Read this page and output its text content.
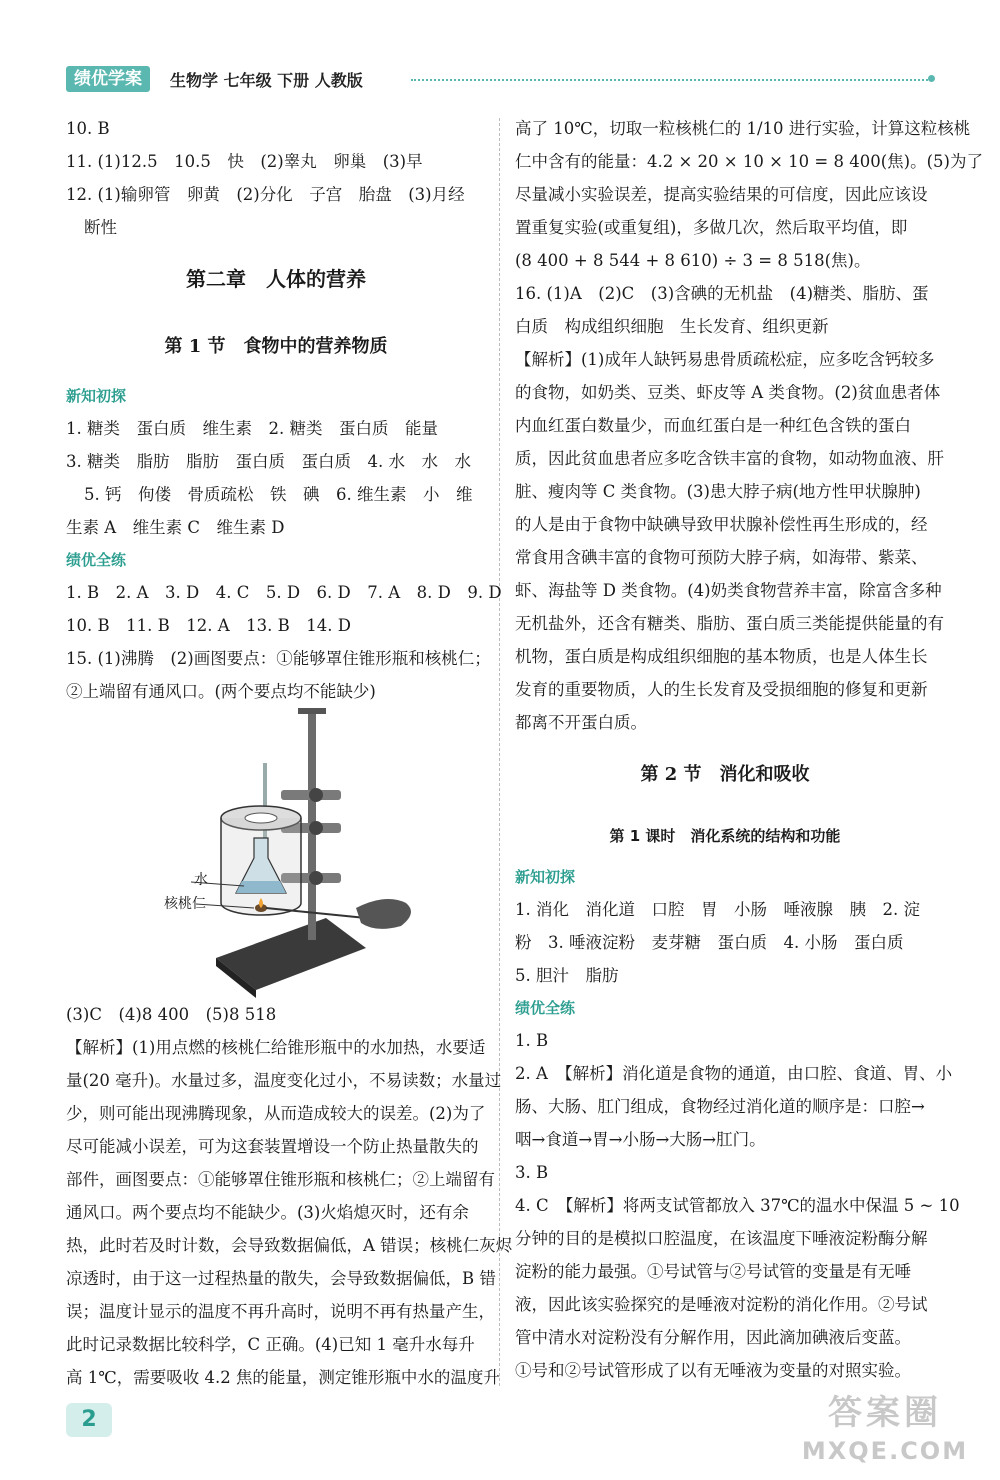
绩优学案	生物学 七年级 下册 人教版
10. B
11. (1)12.5　10.5　快　(2)睾丸　卵巢　(3)早
12. (1)输卵管　卵黄　(2)分化　子宫　胎盘　(3)月经
断性
第二章　人体的营养
第 1 节　食物中的营养物质
新知初探
1. 糖类　蛋白质　维生素　2. 糖类　蛋白质　能量
3. 糖类　脂肪　脂肪　蛋白质　蛋白质　4. 水　水　水
5. 钙　佝偻　骨质疏松　铁　碘　6. 维生素　小　维
生素 A　维生素 C　维生素 D
绩优全练
1. B　2. A　3. D　4. C　5. D　6. D　7. A　8. D　9. D
10. B　11. B　12. A　13. B　14. D
15. (1)沸腾　(2)画图要点：①能够罩住锥形瓶和核桃仁；
②上端留有通风口。(两个要点均不能缺少)
水
核桃仁
(3)C　(4)8 400　(5)8 518
【解析】(1)用点燃的核桃仁给锥形瓶中的水加热，水要适
量(20 毫升)。水量过多，温度变化过小，不易读数；水量过
少，则可能出现沸腾现象，从而造成较大的误差。(2)为了
尽可能减小误差，可为这套装置增设一个防止热量散失的
部件，画图要点：①能够罩住锥形瓶和核桃仁；②上端留有
通风口。两个要点均不能缺少。(3)火焰熄灭时，还有余
热，此时若及时计数，会导致数据偏低，A 错误；核桃仁灰烬
凉透时，由于这一过程热量的散失，会导致数据偏低，B 错
误；温度计显示的温度不再升高时，说明不再有热量产生，
此时记录数据比较科学，C 正确。(4)已知 1 毫升水每升
高 1℃，需要吸收 4.2 焦的能量，测定锥形瓶中水的温度升
高了 10℃，切取一粒核桃仁的 1/10 进行实验，计算这粒核桃
仁中含有的能量：4.2 × 20 × 10 × 10 = 8 400(焦)。(5)为了
尽量减小实验误差，提高实验结果的可信度，因此应该设
置重复实验(或重复组)，多做几次，然后取平均值，即
(8 400 + 8 544 + 8 610) ÷ 3 = 8 518(焦)。
16. (1)A　(2)C　(3)含碘的无机盐　(4)糖类、脂肪、蛋
白质　构成组织细胞　生长发育、组织更新
【解析】(1)成年人缺钙易患骨质疏松症，应多吃含钙较多
的食物，如奶类、豆类、虾皮等 A 类食物。(2)贫血患者体
内血红蛋白数量少，而血红蛋白是一种红色含铁的蛋白
质，因此贫血患者应多吃含铁丰富的食物，如动物血液、肝
脏、瘦肉等 C 类食物。(3)患大脖子病(地方性甲状腺肿)
的人是由于食物中缺碘导致甲状腺补偿性再生形成的，经
常食用含碘丰富的食物可预防大脖子病，如海带、紫菜、
虾、海盐等 D 类食物。(4)奶类食物营养丰富，除富含多种
无机盐外，还含有糖类、脂肪、蛋白质三类能提供能量的有
机物，蛋白质是构成组织细胞的基本物质，也是人体生长
发育的重要物质，人的生长发育及受损细胞的修复和更新
都离不开蛋白质。
第 2 节　消化和吸收
第 1 课时　消化系统的结构和功能
新知初探
1. 消化　消化道　口腔　胃　小肠　唾液腺　胰　2. 淀
粉　3. 唾液淀粉　麦芽糖　蛋白质　4. 小肠　蛋白质
5. 胆汁　脂肪
绩优全练
1. B
2. A　【解析】消化道是食物的通道，由口腔、食道、胃、小
肠、大肠、肛门组成，食物经过消化道的顺序是：口腔→
咽→食道→胃→小肠→大肠→肛门。
3. B
4. C　【解析】将两支试管都放入 37℃的温水中保温 5 ~ 10
分钟的目的是模拟口腔温度，在该温度下唾液淀粉酶分解
淀粉的能力最强。①号试管与②号试管的变量是有无唾
液，因此该实验探究的是唾液对淀粉的消化作用。②号试
管中清水对淀粉没有分解作用，因此滴加碘液后变蓝。
①号和②号试管形成了以有无唾液为变量的对照实验。
2	答案圈
MXQE.COM
